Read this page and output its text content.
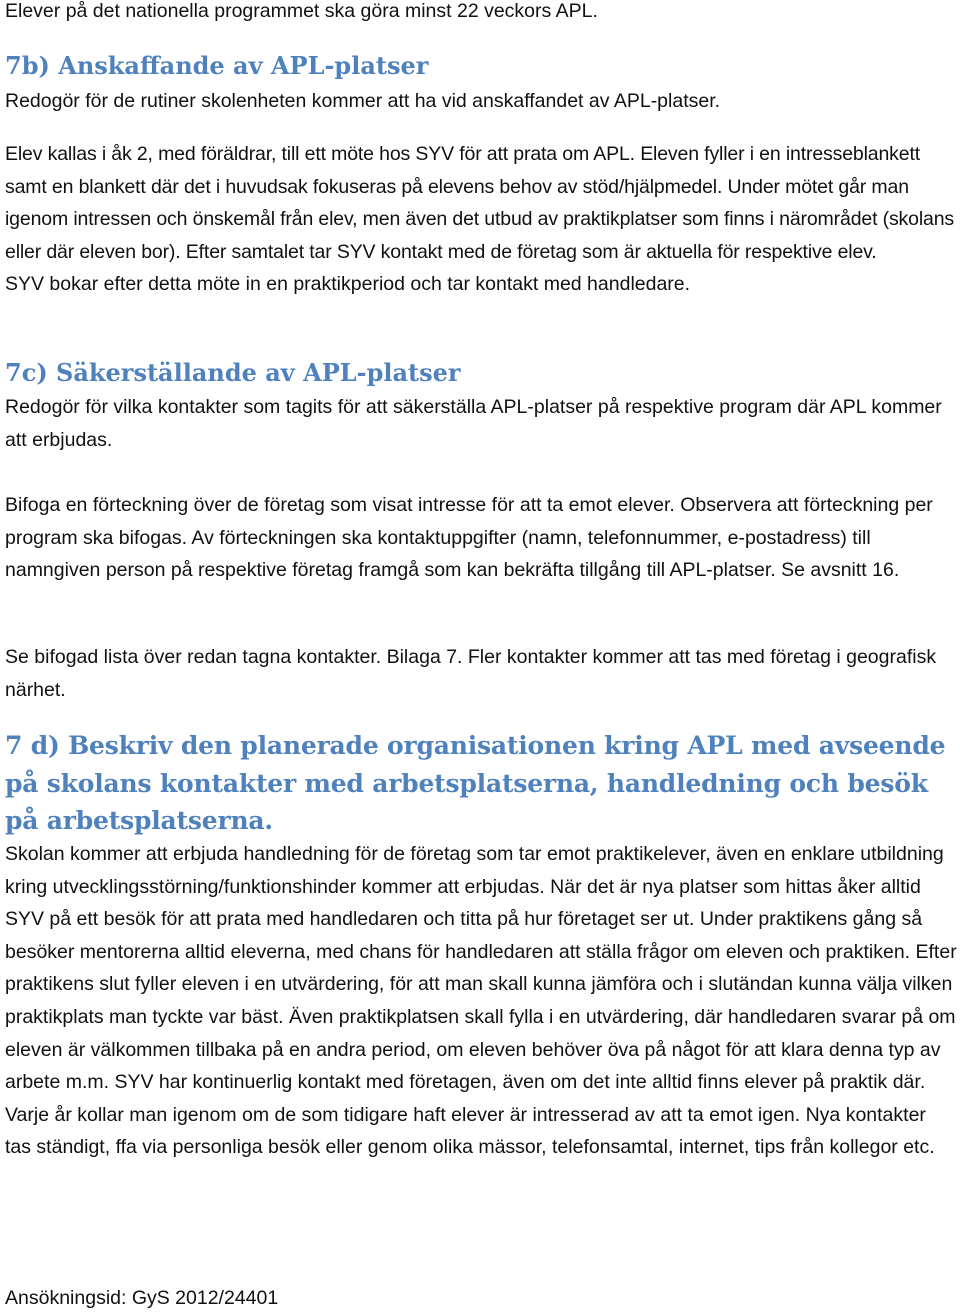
Elever på det nationella programmet ska göra minst 22 veckors APL.

7b) Anskaffande av APL-platser

Redogör för de rutiner skolenheten kommer att ha vid anskaffandet av APL-platser.

Elev kallas i åk 2, med föräldrar, till ett möte hos SYV för att prata om APL. Eleven fyller i en intresseblankett samt en blankett där det i huvudsak fokuseras på elevens behov av stöd/hjälpmedel. Under mötet går man igenom intressen och önskemål från elev, men även det utbud av praktikplatser som finns i närområdet (skolans eller där eleven bor). Efter samtalet tar SYV kontakt med de företag som är aktuella för respektive elev.

SYV bokar efter detta möte in en praktikperiod och tar kontakt med handledare.

7c) Säkerställande av APL-platser

Redogör för vilka kontakter som tagits för att säkerställa APL-platser på respektive program där APL kommer att erbjudas.

Bifoga en förteckning över de företag som visat intresse för att ta emot elever. Observera att förteckning per program ska bifogas. Av förteckningen ska kontaktuppgifter (namn, telefonnummer, e-postadress) till namngiven person på respektive företag framgå som kan bekräfta tillgång till APL-platser. Se avsnitt 16.

Se bifogad lista över redan tagna kontakter. Bilaga 7. Fler kontakter kommer att tas med företag i geografisk närhet.

7 d) Beskriv den planerade organisationen kring APL med avseende på skolans kontakter med arbetsplatserna, handledning och besök på arbetsplatserna.

Skolan kommer att erbjuda handledning för de företag som tar emot praktikelever, även en enklare utbildning kring utvecklingsstörning/funktionshinder kommer att erbjudas. När det är nya platser som hittas åker alltid SYV på ett besök för att prata med handledaren och titta på hur företaget ser ut. Under praktikens gång så besöker mentorerna alltid eleverna, med chans för handledaren att ställa frågor om eleven och praktiken. Efter praktikens slut fyller eleven i en utvärdering, för att man skall kunna jämföra och i slutändan kunna välja vilken praktikplats man tyckte var bäst. Även praktikplatsen skall fylla i en utvärdering, där handledaren svarar på om eleven är välkommen tillbaka på en andra period, om eleven behöver öva på något för att klara denna typ av arbete m.m. SYV har kontinuerlig kontakt med företagen, även om det inte alltid finns elever på praktik där. Varje år kollar man igenom om de som tidigare haft elever är intresserad av att ta emot igen. Nya kontakter tas ständigt, ffa via personliga besök eller genom olika mässor, telefonsamtal, internet, tips från kollegor etc.

Ansökningsid: GyS 2012/24401
